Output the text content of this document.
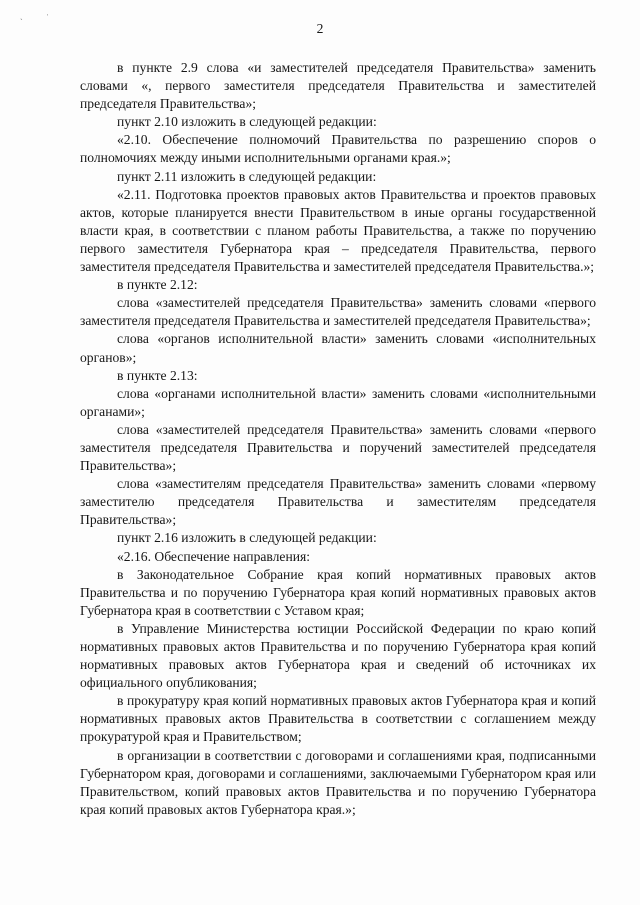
ˎ	ˈ
2

в пункте 2.9 слова «и заместителей председателя Правительства» заменить словами «, первого заместителя председателя Правительства и заместителей председателя Правительства»;

пункт 2.10 изложить в следующей редакции:

«2.10. Обеспечение полномочий Правительства по разрешению споров о полномочиях между иными исполнительными органами края.»;

пункт 2.11 изложить в следующей редакции:

«2.11. Подготовка проектов правовых актов Правительства и проектов правовых актов, которые планируется внести Правительством в иные органы государственной власти края, в соответствии с планом работы Правительства, а также по поручению первого заместителя Губернатора края – председателя Правительства, первого заместителя председателя Правительства и заместителей председателя Правительства.»;

в пункте 2.12:

слова «заместителей председателя Правительства» заменить словами «первого заместителя председателя Правительства и заместителей председателя Правительства»;

слова «органов исполнительной власти» заменить словами «исполнительных органов»;

в пункте 2.13:

слова «органами исполнительной власти» заменить словами «исполнительными органами»;

слова «заместителей председателя Правительства» заменить словами «первого заместителя председателя Правительства и поручений заместителей председателя Правительства»;

слова «заместителям председателя Правительства» заменить словами «первому заместителю председателя Правительства и заместителям председателя Правительства»;

пункт 2.16 изложить в следующей редакции:

«2.16. Обеспечение направления:

в Законодательное Собрание края копий нормативных правовых актов Правительства и по поручению Губернатора края копий нормативных правовых актов Губернатора края в соответствии с Уставом края;

в Управление Министерства юстиции Российской Федерации по краю копий нормативных правовых актов Правительства и по поручению Губернатора края копий нормативных правовых актов Губернатора края и сведений об источниках их официального опубликования;

в прокуратуру края копий нормативных правовых актов Губернатора края и копий нормативных правовых актов Правительства в соответствии с соглашением между прокуратурой края и Правительством;

в организации в соответствии с договорами и соглашениями края, подписанными Губернатором края, договорами и соглашениями, заключаемыми Губернатором края или Правительством, копий правовых актов Правительства и по поручению Губернатора края копий правовых актов Губернатора края.»;
